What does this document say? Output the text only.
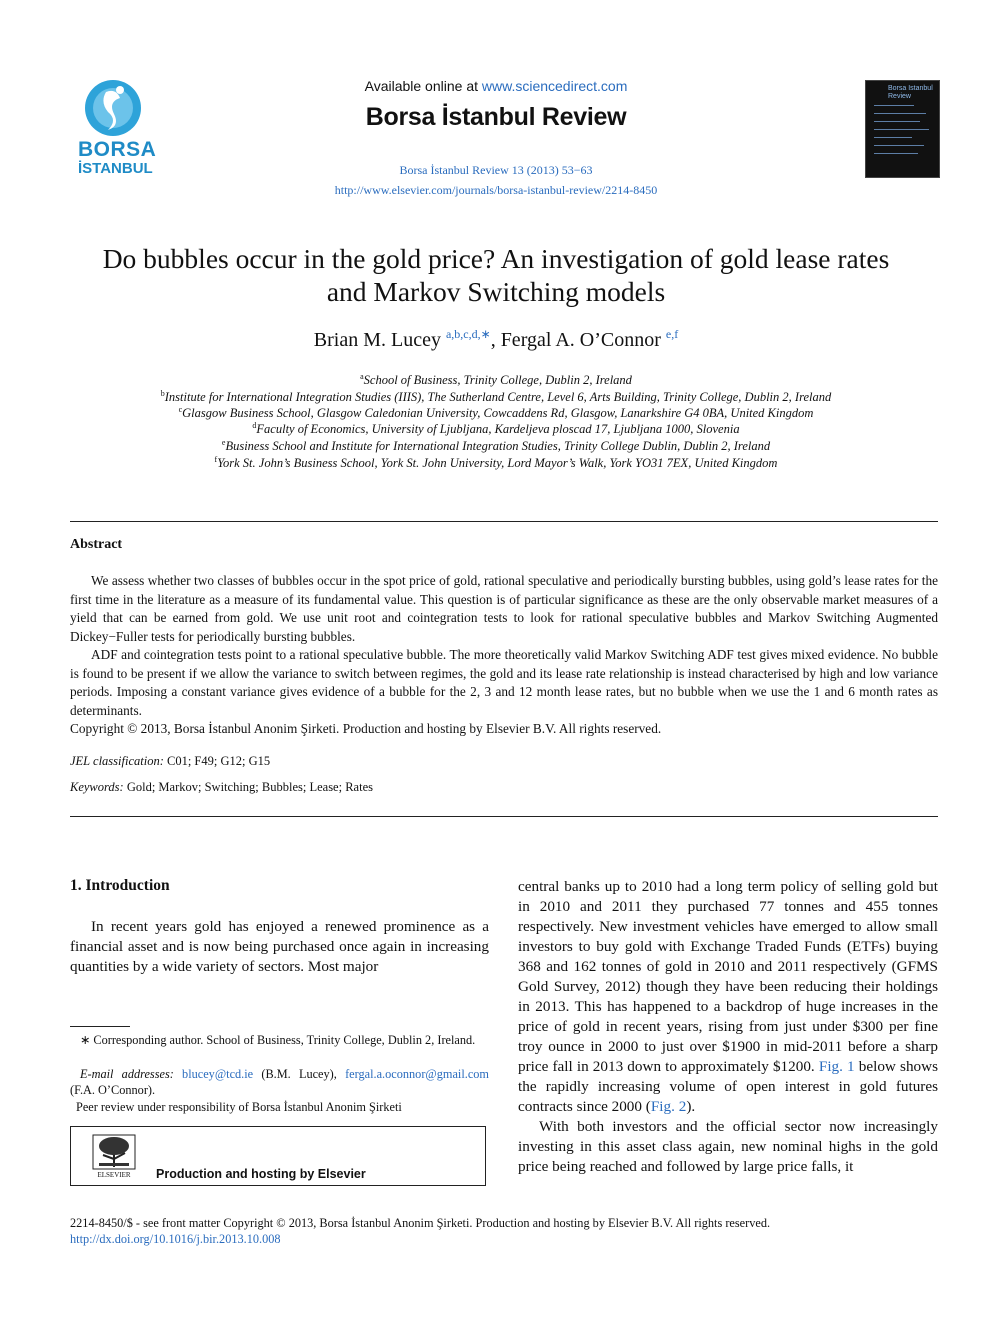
BORSA
İSTANBUL
Available online at www.sciencedirect.com
Borsa İstanbul Review
Borsa İstanbul Review 13 (2013) 53−63
http://www.elsevier.com/journals/borsa-istanbul-review/2214-8450
Borsa Istanbul
Review
Do bubbles occur in the gold price? An investigation of gold lease rates
and Markov Switching models
Brian M. Lucey $^{a,b,c,d,∗}$, Fergal A. O’Connor $^{e,f}$
$^a$School of Business, Trinity College, Dublin 2, Ireland
$^b$Institute for International Integration Studies (IIIS), The Sutherland Centre, Level 6, Arts Building, Trinity College, Dublin 2, Ireland
$^c$Glasgow Business School, Glasgow Caledonian University, Cowcaddens Rd, Glasgow, Lanarkshire G4 0BA, United Kingdom
$^d$Faculty of Economics, University of Ljubljana, Kardeljeva ploscad 17, Ljubljana 1000, Slovenia
$^e$Business School and Institute for International Integration Studies, Trinity College Dublin, Dublin 2, Ireland
$^f$York St. John’s Business School, York St. John University, Lord Mayor’s Walk, York YO31 7EX, United Kingdom
Abstract

We assess whether two classes of bubbles occur in the spot price of gold, rational speculative and periodically bursting bubbles, using gold’s lease rates for the first time in the literature as a measure of its fundamental value. This question is of particular significance as these are the only observable market measures of a yield that can be earned from gold. We use unit root and cointegration tests to look for rational speculative bubbles and Markov Switching Augmented Dickey−Fuller tests for periodically bursting bubbles.

ADF and cointegration tests point to a rational speculative bubble. The more theoretically valid Markov Switching ADF test gives mixed evidence. No bubble is found to be present if we allow the variance to switch between regimes, the gold and its lease rate relationship is instead characterised by high and low variance periods. Imposing a constant variance gives evidence of a bubble for the 2, 3 and 12 month lease rates, but no bubble when we use the 1 and 6 month rates as determinants.

Copyright © 2013, Borsa İstanbul Anonim Şirketi. Production and hosting by Elsevier B.V. All rights reserved.

JEL classification: C01; F49; G12; G15
Keywords: Gold; Markov; Switching; Bubbles; Lease; Rates
1. Introduction

In recent years gold has enjoyed a renewed prominence as a financial asset and is now being purchased once again in increasing quantities by a wide variety of sectors. Most major

central banks up to 2010 had a long term policy of selling gold but in 2010 and 2011 they purchased 77 tonnes and 455 tonnes respectively. New investment vehicles have emerged to allow small investors to buy gold with Exchange Traded Funds (ETFs) buying 368 and 162 tonnes of gold in 2010 and 2011 respectively (GFMS Gold Survey, 2012) though they have been reducing their holdings in 2013. This has happened to a backdrop of huge increases in the price of gold in recent years, rising from just under $300 per fine troy ounce in 2000 to just over $1900 in mid-2011 before a sharp price fall in 2013 down to approximately $1200. Fig. 1 below shows the rapidly increasing volume of open interest in gold futures contracts since 2000 (Fig. 2).

With both investors and the official sector now increasingly investing in this asset class again, new nominal highs in the gold price being reached and followed by large price falls, it

∗ Corresponding author. School of Business, Trinity College, Dublin 2, Ireland.
E-mail addresses: blucey@tcd.ie (B.M. Lucey), fergal.a.oconnor@gmail.com (F.A. O’Connor).
Peer review under responsibility of Borsa İstanbul Anonim Şirketi
ELSEVIER Production and hosting by Elsevier
2214-8450/$ - see front matter Copyright © 2013, Borsa İstanbul Anonim Şirketi. Production and hosting by Elsevier B.V. All rights reserved.
http://dx.doi.org/10.1016/j.bir.2013.10.008
